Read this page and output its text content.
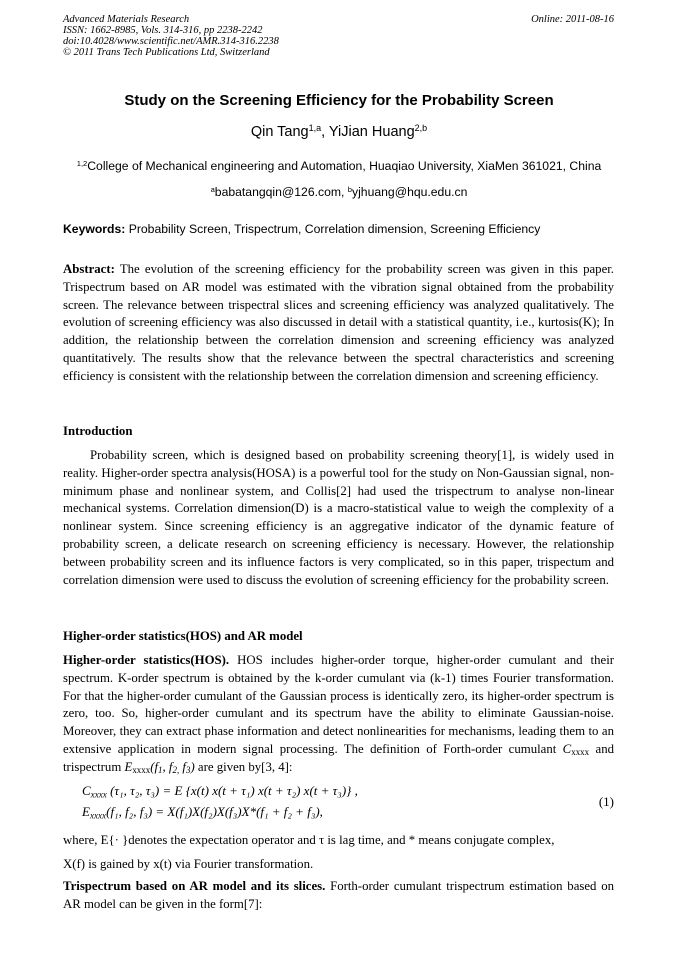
Advanced Materials Research
ISSN: 1662-8985, Vols. 314-316, pp 2238-2242
doi:10.4028/www.scientific.net/AMR.314-316.2238
© 2011 Trans Tech Publications Ltd, Switzerland
Online: 2011-08-16
Study on the Screening Efficiency for the Probability Screen
Qin Tang$^{1,a}$, YiJian Huang$^{2,b}$
$^{1,2}$College of Mechanical engineering and Automation, Huaqiao University, XiaMen 361021, China
$^a$babatangqin@126.com, $^b$yjhuang@hqu.edu.cn
Keywords: Probability Screen, Trispectrum, Correlation dimension, Screening Efficiency
Abstract: The evolution of the screening efficiency for the probability screen was given in this paper. Trispectrum based on AR model was estimated with the vibration signal obtained from the probability screen. The relevance between trispectral slices and screening efficiency was analyzed qualitatively. The evolution of screening efficiency was also discussed in detail with a statistical quantity, i.e., kurtosis(K); In addition, the relationship between the correlation dimension and screening efficiency was analyzed quantitatively. The results show that the relevance between the spectral characteristics and screening efficiency is consistent with the relationship between the correlation dimension and screening efficiency.
Introduction
Probability screen, which is designed based on probability screening theory[1], is widely used in reality. Higher-order spectra analysis(HOSA) is a powerful tool for the study on Non-Gaussian signal, non-minimum phase and nonlinear system, and Collis[2] had used the trispectrum to analyse non-linear mechanical systems. Correlation dimension(D) is a macro-statistical value to weigh the complexity of a nonlinear system. Since screening efficiency is an aggregative indicator of the dynamic feature of probability screen, a delicate research on screening efficiency is necessary. However, the relationship between probability screen and its influence factors is very complicated, so in this paper, trispectum and correlation dimension were used to discuss the evolution of screening efficiency for the probability screen.
Higher-order statistics(HOS) and AR model
Higher-order statistics(HOS). HOS includes higher-order torque, higher-order cumulant and their spectrum. K-order spectrum is obtained by the k-order cumulant via (k-1) times Fourier transformation. For that the higher-order cumulant of the Gaussian process is identically zero, its higher-order spectrum is zero, too. So, higher-order cumulant and its spectrum have the ability to eliminate Gaussian-noise. Moreover, they can extract phase information and detect nonlinearities for mechanisms, leading them to an extensive application in modern signal processing. The definition of Forth-order cumulant $C_{xxxx}$ and trispectrum $E_{xxxx}(f_1$, $f_{2,}$ $f_3$) are given by[3, 4]:
$C_{xxxx}$ (τ₁, τ₂, τ₃) = E {x(t) x(t + τ₁) x(t + τ₂) x(t + τ₃)} ,
$E_{xxxx}(f_1$, f₂, f₃) = X(f₁)X(f₂)X(f₃)X*(f₁ + f₂ + f₃),
(1)
where, E{· }denotes the expectation operator and τ is lag time, and * means conjugate complex,
X(f) is gained by x(t) via Fourier transformation.
Trispectrum based on AR model and its slices. Forth-order cumulant trispectrum estimation based on AR model can be given in the form[7]:
